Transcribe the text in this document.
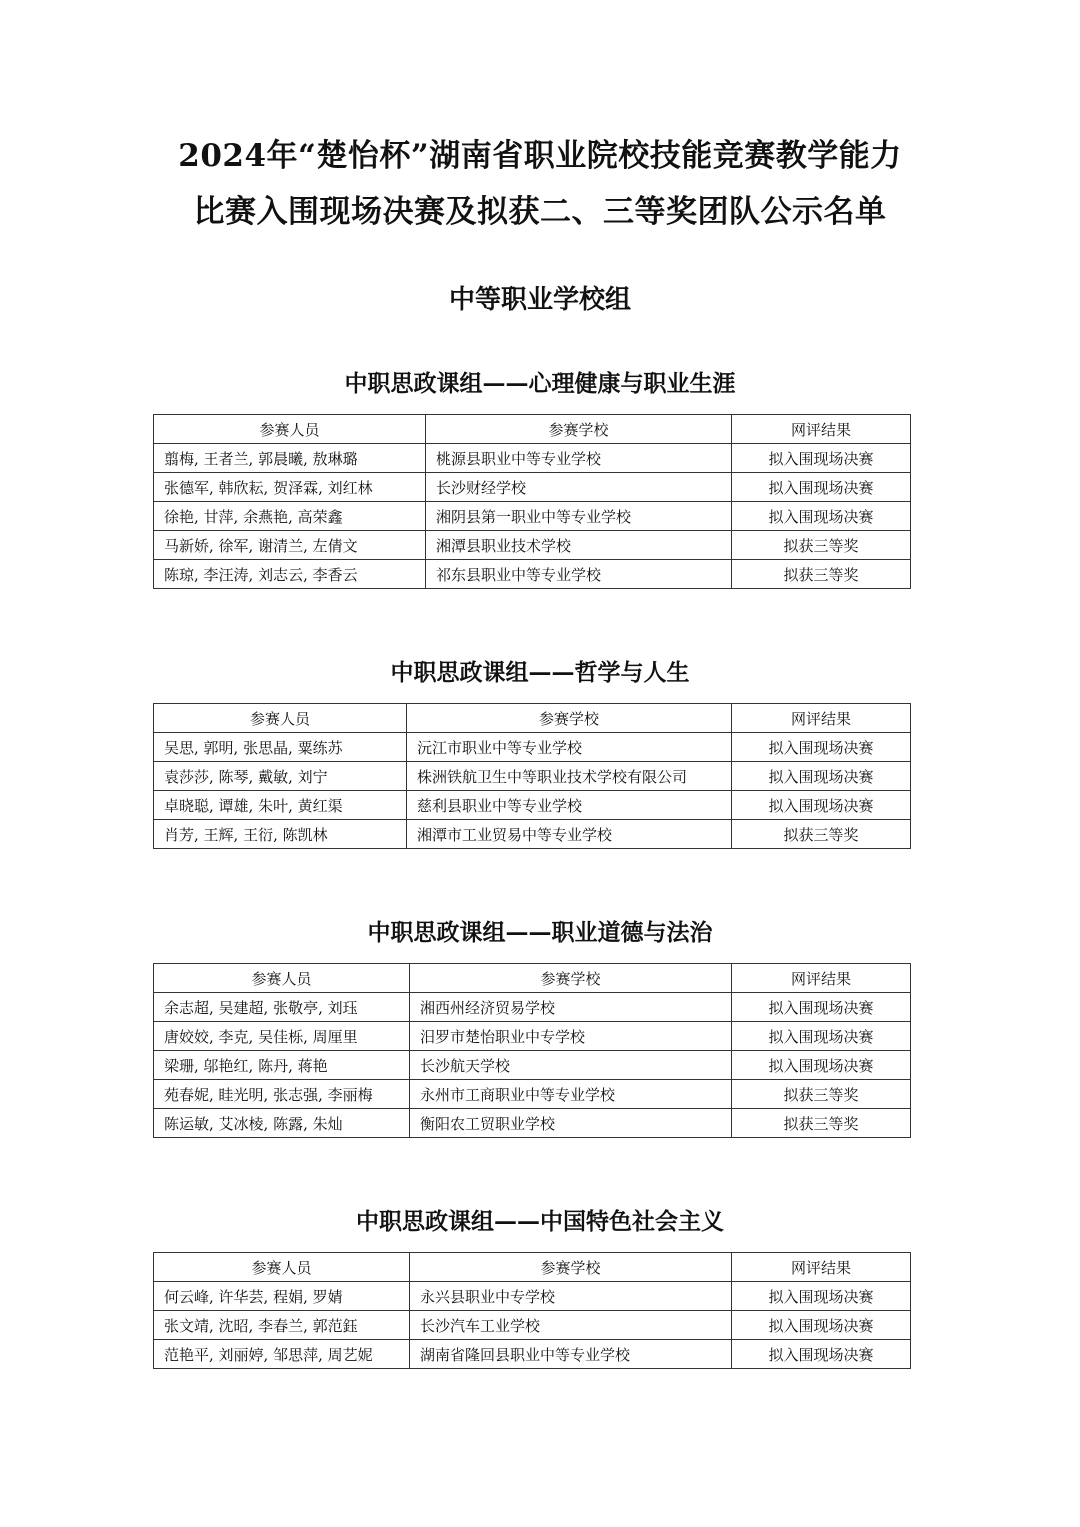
2024年“楚怡杯”湖南省职业院校技能竞赛教学能力
比赛入围现场决赛及拟获二、三等奖团队公示名单
中等职业学校组
中职思政课组——心理健康与职业生涯
参赛人员	参赛学校	网评结果
翦梅, 王者兰, 郭晨曦, 敖琳璐	桃源县职业中等专业学校	拟入围现场决赛
张德军, 韩欣耘, 贺泽霖, 刘红林	长沙财经学校	拟入围现场决赛
徐艳, 甘萍, 余燕艳, 高荣鑫	湘阴县第一职业中等专业学校	拟入围现场决赛
马新娇, 徐军, 谢清兰, 左倩文	湘潭县职业技术学校	拟获三等奖
陈琼, 李汪涛, 刘志云, 李香云	祁东县职业中等专业学校	拟获三等奖
中职思政课组——哲学与人生
参赛人员	参赛学校	网评结果
吴思, 郭明, 张思晶, 粟练苏	沅江市职业中等专业学校	拟入围现场决赛
袁莎莎, 陈琴, 戴敏, 刘宁	株洲铁航卫生中等职业技术学校有限公司	拟入围现场决赛
卓晓聪, 谭雄, 朱叶, 黄红渠	慈利县职业中等专业学校	拟入围现场决赛
肖芳, 王辉, 王衍, 陈凯林	湘潭市工业贸易中等专业学校	拟获三等奖
中职思政课组——职业道德与法治
参赛人员	参赛学校	网评结果
余志超, 吴建超, 张敬亭, 刘珏	湘西州经济贸易学校	拟入围现场决赛
唐姣姣, 李克, 吴佳栎, 周厘里	汨罗市楚怡职业中专学校	拟入围现场决赛
梁珊, 邬艳红, 陈丹, 蒋艳	长沙航天学校	拟入围现场决赛
苑春妮, 眭光明, 张志强, 李丽梅	永州市工商职业中等专业学校	拟获三等奖
陈运敏, 艾冰棱, 陈露, 朱灿	衡阳农工贸职业学校	拟获三等奖
中职思政课组——中国特色社会主义
参赛人员	参赛学校	网评结果
何云峰, 许华芸, 程娟, 罗婧	永兴县职业中专学校	拟入围现场决赛
张文靖, 沈昭, 李春兰, 郭范鈺	长沙汽车工业学校	拟入围现场决赛
范艳平, 刘丽婷, 邹思萍, 周艺妮	湖南省隆回县职业中等专业学校	拟入围现场决赛
